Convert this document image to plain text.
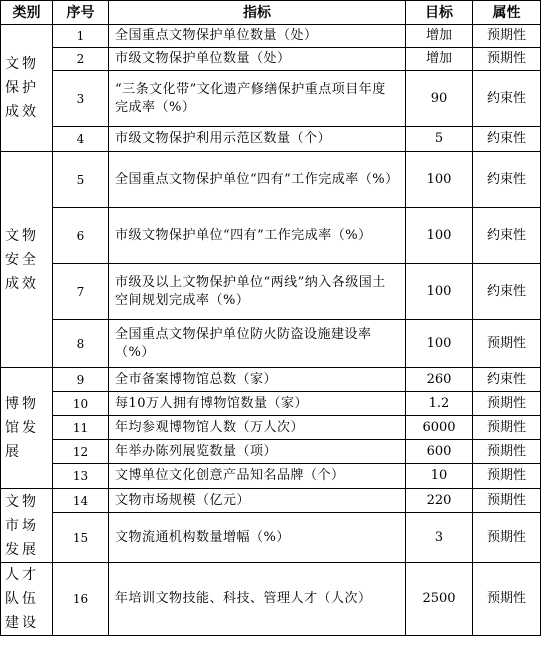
类别	序号	指标	目标	属性
文物保护成效	1	全国重点文物保护单位数量（处）	增加	预期性
	2	市级文物保护单位数量（处）	增加	预期性
	3	“三条文化带”文化遗产修缮保护重点项目年度完成率（%）	90	约束性
	4	市级文物保护利用示范区数量（个）	5	约束性
文物安全成效	5	全国重点文物保护单位“四有”工作完成率（%）	100	约束性
	6	市级文物保护单位“四有”工作完成率（%）	100	约束性
	7	市级及以上文物保护单位“两线”纳入各级国土空间规划完成率（%）	100	约束性
	8	全国重点文物保护单位防火防盗设施建设率（%）	100	预期性
博物馆发展	9	全市备案博物馆总数（家）	260	约束性
	10	每10万人拥有博物馆数量（家）	1.2	预期性
	11	年均参观博物馆人数（万人次）	6000	预期性
	12	年举办陈列展览数量（项）	600	预期性
	13	文博单位文化创意产品知名品牌（个）	10	预期性
文物市场发展	14	文物市场规模（亿元）	220	预期性
	15	文物流通机构数量增幅（%）	3	预期性
人才队伍建设	16	年培训文物技能、科技、管理人才（人次）	2500	预期性
